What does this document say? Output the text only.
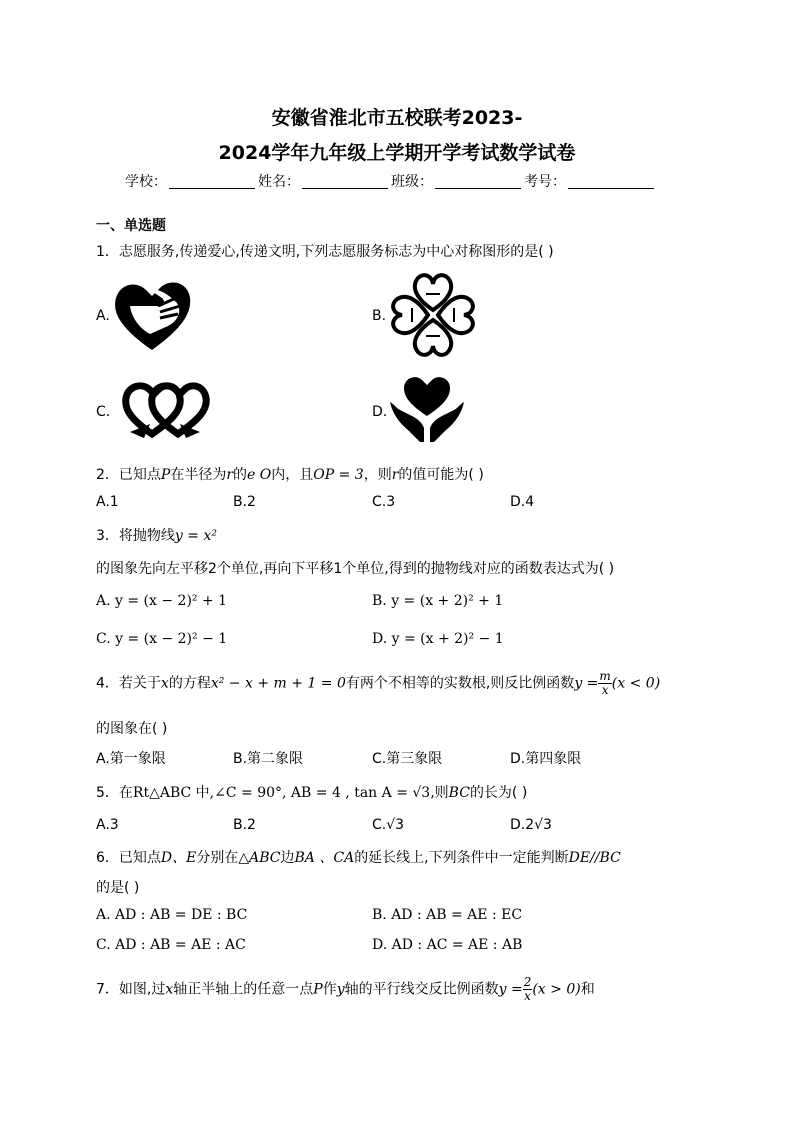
安徽省淮北市五校联考2023-
2024学年九年级上学期开学考试数学试卷
学校：	姓名：	班级：	考号：
一、单选题
1．志愿服务,传递爱心,传递文明,下列志愿服务标志为中心对称图形的是( )
A.	B.
C.	D.
2．已知点P在半径为r的e O内，且OP = 3，则r的值可能为( )
A.1	B.2	C.3	D.4
3．将抛物线y = x²
的图象先向左平移2个单位,再向下平移1个单位,得到的抛物线对应的函数表达式为( )
A. y = (x − 2)² + 1	B. y = (x + 2)² + 1
C. y = (x − 2)² − 1	D. y = (x + 2)² − 1
4．若关于x的方程x² − x + m + 1 = 0有两个不相等的实数根,则反比例函数$y = \frac{m}{x} (x < 0)$
的图象在( )
A.第一象限	B.第二象限	C.第三象限	D.第四象限
5．在Rt△ABC 中,∠C = 90°, AB = 4 , tan A = √3,则BC的长为( )
A.3	B.2	C.√3	D.2√3
6．已知点D、E分别在△ABC边BA 、CA的延长线上,下列条件中一定能判断DE//BC
的是( )
A. AD : AB = DE : BC	B. AD : AB = AE : EC
C. AD : AB = AE : AC	D. AD : AC = AE : AB
7．如图,过x轴正半轴上的任意一点P作y轴的平行线交反比例函数$y = \frac{2}{x} (x > 0)$和
